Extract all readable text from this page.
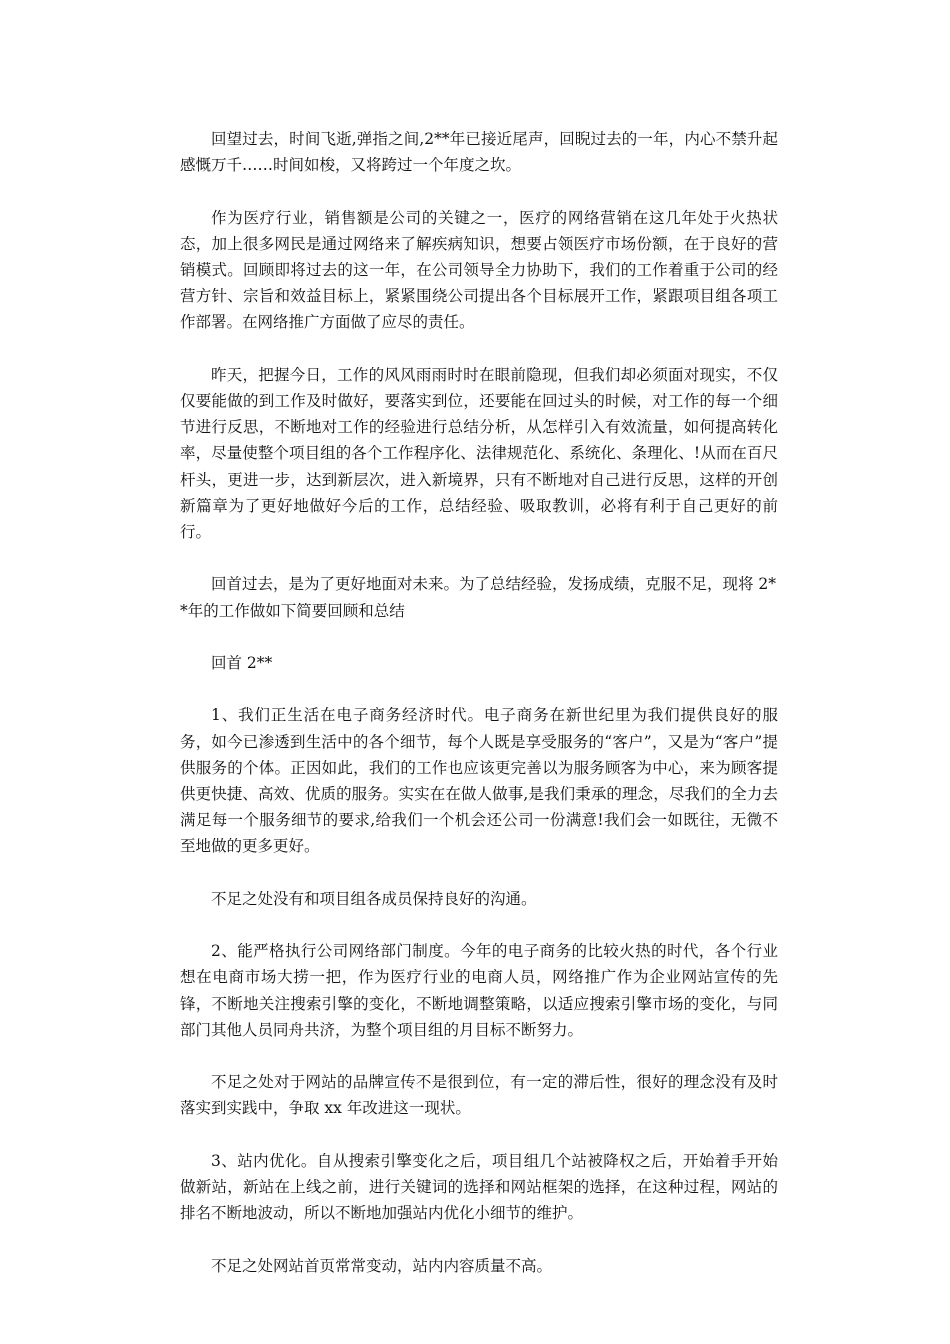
回望过去，时间飞逝,弹指之间,2**年已接近尾声，回睨过去的一年，内心不禁升起感慨万千……时间如梭，又将跨过一个年度之坎。

作为医疗行业，销售额是公司的关键之一，医疗的网络营销在这几年处于火热状态，加上很多网民是通过网络来了解疾病知识，想要占领医疗市场份额，在于良好的营销模式。回顾即将过去的这一年，在公司领导全力协助下，我们的工作着重于公司的经营方针、宗旨和效益目标上，紧紧围绕公司提出各个目标展开工作，紧跟项目组各项工作部署。在网络推广方面做了应尽的责任。

昨天，把握今日，工作的风风雨雨时时在眼前隐现，但我们却必须面对现实，不仅仅要能做的到工作及时做好，要落实到位，还要能在回过头的时候，对工作的每一个细节进行反思，不断地对工作的经验进行总结分析，从怎样引入有效流量，如何提高转化率，尽量使整个项目组的各个工作程序化、法律规范化、系统化、条理化、!从而在百尺杆头，更进一步，达到新层次，进入新境界，只有不断地对自己进行反思，这样的开创新篇章为了更好地做好今后的工作，总结经验、吸取教训，必将有利于自己更好的前行。

回首过去，是为了更好地面对未来。为了总结经验，发扬成绩，克服不足，现将 2**年的工作做如下简要回顾和总结

回首 2**

1、我们正生活在电子商务经济时代。电子商务在新世纪里为我们提供良好的服务，如今已渗透到生活中的各个细节，每个人既是享受服务的“客户”，又是为“客户”提供服务的个体。正因如此，我们的工作也应该更完善以为服务顾客为中心，来为顾客提供更快捷、高效、优质的服务。实实在在做人做事,是我们秉承的理念，尽我们的全力去满足每一个服务细节的要求,给我们一个机会还公司一份满意!我们会一如既往，无微不至地做的更多更好。

不足之处没有和项目组各成员保持良好的沟通。

2、能严格执行公司网络部门制度。今年的电子商务的比较火热的时代，各个行业想在电商市场大捞一把，作为医疗行业的电商人员，网络推广作为企业网站宣传的先锋，不断地关注搜索引擎的变化，不断地调整策略，以适应搜索引擎市场的变化，与同部门其他人员同舟共济，为整个项目组的月目标不断努力。

不足之处对于网站的品牌宣传不是很到位，有一定的滞后性，很好的理念没有及时落实到实践中，争取 xx 年改进这一现状。

3、站内优化。自从搜索引擎变化之后，项目组几个站被降权之后，开始着手开始做新站，新站在上线之前，进行关键词的选择和网站框架的选择，在这种过程，网站的排名不断地波动，所以不断地加强站内优化小细节的维护。

不足之处网站首页常常变动，站内内容质量不高。
